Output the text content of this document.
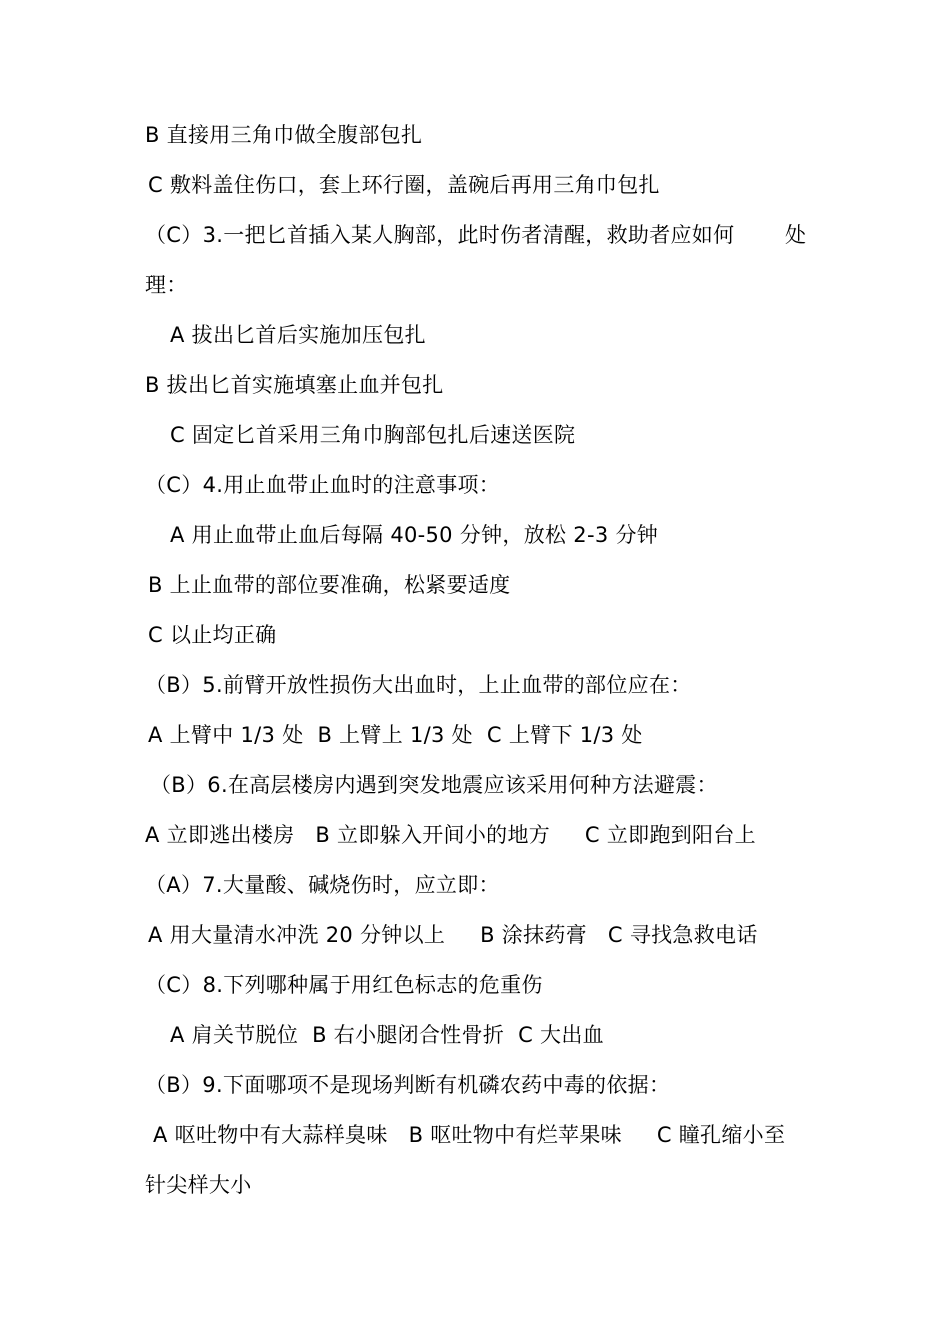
B 直接用三角巾做全腹部包扎
C 敷料盖住伤口，套上环行圈，盖碗后再用三角巾包扎
（C）3.一把匕首插入某人胸部，此时伤者清醒，救助者应如何 处
理：
A 拔出匕首后实施加压包扎
B 拔出匕首实施填塞止血并包扎
C 固定匕首采用三角巾胸部包扎后速送医院
（C）4.用止血带止血时的注意事项：
A 用止血带止血后每隔 40-50 分钟，放松 2-3 分钟
B 上止血带的部位要准确，松紧要适度
C 以止均正确
（B）5.前臂开放性损伤大出血时，上止血带的部位应在：
A 上臂中 1/3 处  B 上臂上 1/3 处  C 上臂下 1/3 处
（B）6.在高层楼房内遇到突发地震应该采用何种方法避震：
A 立即逃出楼房   B 立即躲入开间小的地方     C 立即跑到阳台上
（A）7.大量酸、碱烧伤时，应立即：
A 用大量清水冲洗 20 分钟以上     B 涂抹药膏   C 寻找急救电话
（C）8.下列哪种属于用红色标志的危重伤
A 肩关节脱位  B 右小腿闭合性骨折  C 大出血
（B）9.下面哪项不是现场判断有机磷农药中毒的依据：
A 呕吐物中有大蒜样臭味   B 呕吐物中有烂苹果味     C 瞳孔缩小至
针尖样大小
